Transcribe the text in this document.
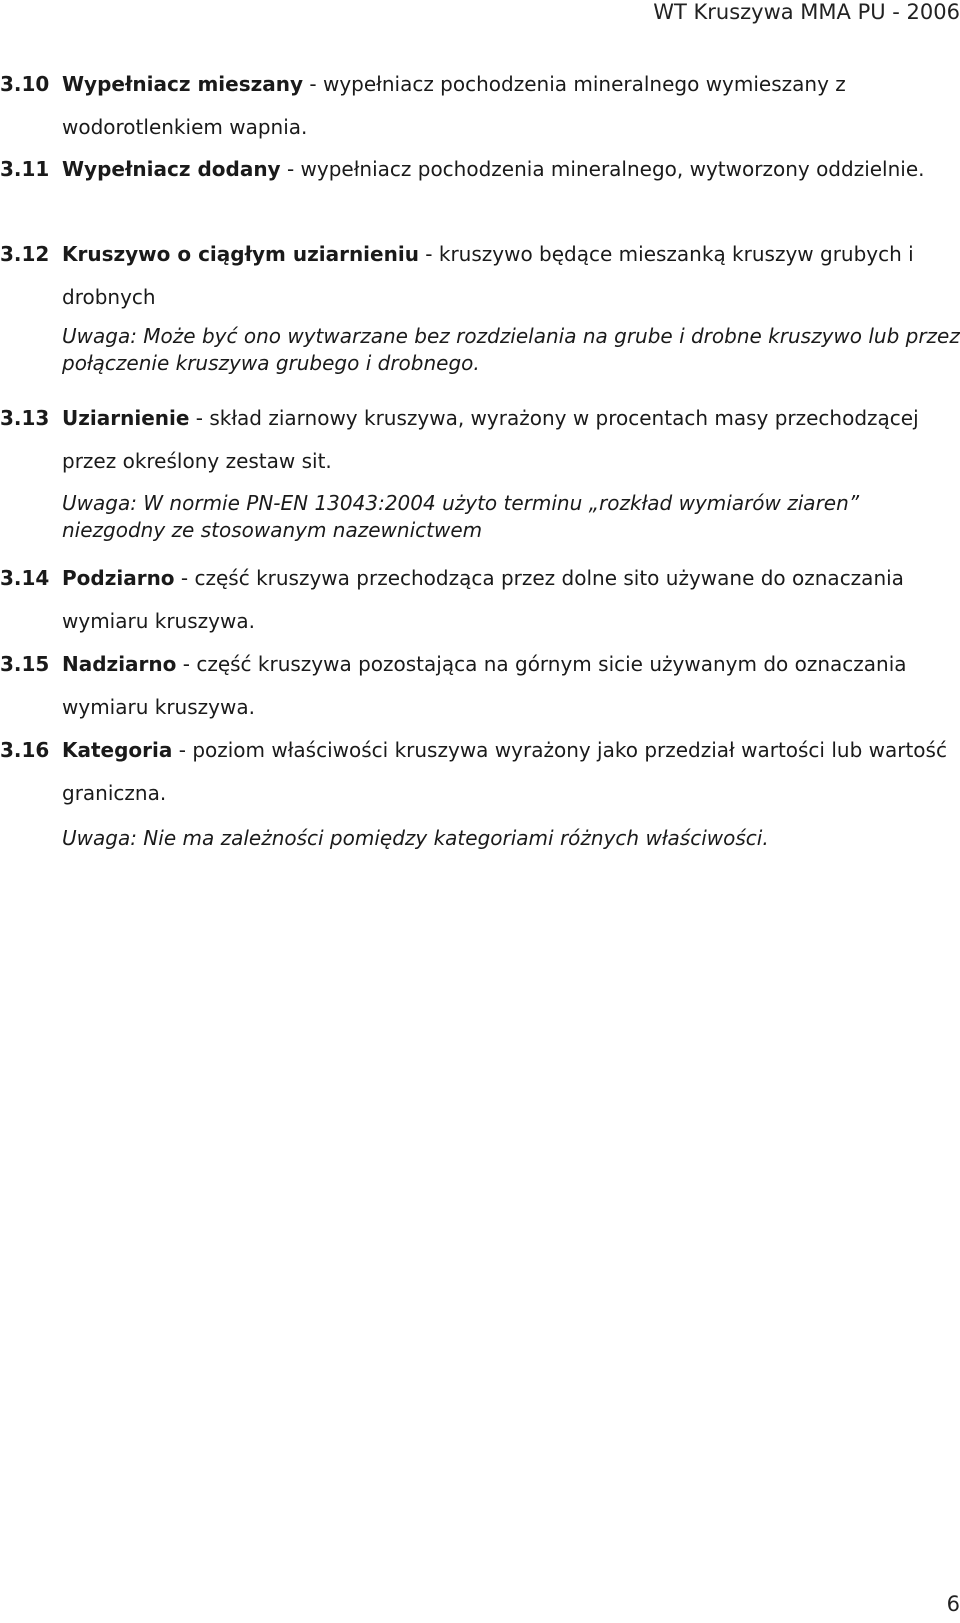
WT Kruszywa MMA PU - 2006
3.10 Wypełniacz mieszany - wypełniacz pochodzenia mineralnego wymieszany z wodorotlenkiem wapnia.
3.11 Wypełniacz dodany - wypełniacz pochodzenia mineralnego, wytworzony oddzielnie.
3.12 Kruszywo o ciągłym uziarnieniu - kruszywo będące mieszanką kruszyw grubych i drobnych
Uwaga: Może być ono wytwarzane bez rozdzielania na grube i drobne kruszywo lub przez połączenie kruszywa grubego i drobnego.
3.13 Uziarnienie - skład ziarnowy kruszywa, wyrażony w procentach masy przechodzącej przez określony zestaw sit.
Uwaga: W normie PN-EN 13043:2004 użyto terminu „rozkład wymiarów ziaren” niezgodny ze stosowanym nazewnictwem
3.14 Podziarno - część kruszywa przechodząca przez dolne sito używane do oznaczania wymiaru kruszywa.
3.15 Nadziarno - część kruszywa pozostająca na górnym sicie używanym do oznaczania wymiaru kruszywa.
3.16 Kategoria - poziom właściwości kruszywa wyrażony jako przedział wartości lub wartość graniczna.
Uwaga: Nie ma zależności pomiędzy kategoriami różnych właściwości.
6
